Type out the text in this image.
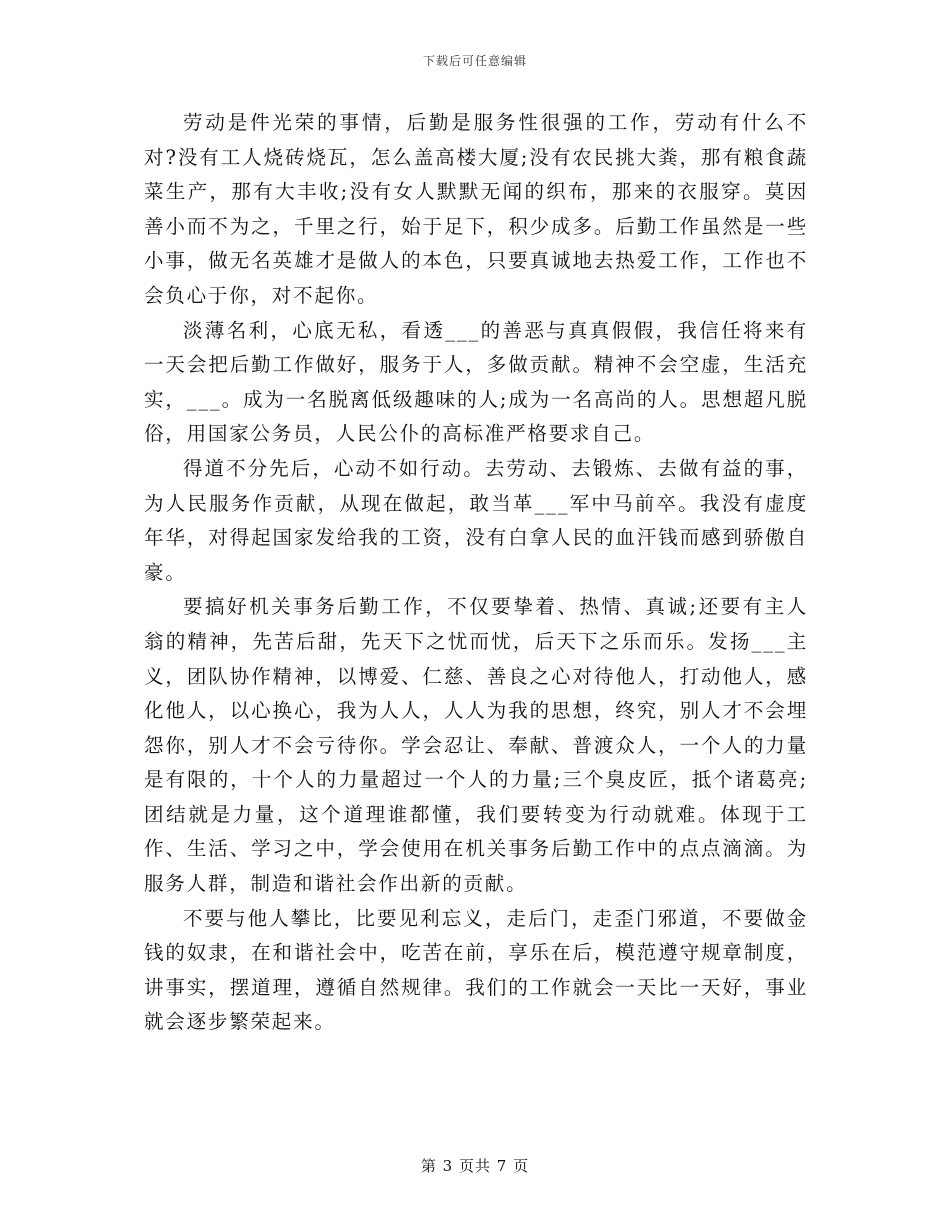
下载后可任意编辑

劳动是件光荣的事情，后勤是服务性很强的工作，劳动有什么不对?没有工人烧砖烧瓦，怎么盖高楼大厦;没有农民挑大粪，那有粮食蔬菜生产，那有大丰收;没有女人默默无闻的织布，那来的衣服穿。莫因善小而不为之，千里之行，始于足下，积少成多。后勤工作虽然是一些小事，做无名英雄才是做人的本色，只要真诚地去热爱工作，工作也不会负心于你，对不起你。

淡薄名利，心底无私，看透___的善恶与真真假假，我信任将来有一天会把后勤工作做好，服务于人，多做贡献。精神不会空虚，生活充实，___。成为一名脱离低级趣味的人;成为一名高尚的人。思想超凡脱俗，用国家公务员，人民公仆的高标准严格要求自己。

得道不分先后，心动不如行动。去劳动、去锻炼、去做有益的事，为人民服务作贡献，从现在做起，敢当革___军中马前卒。我没有虚度年华，对得起国家发给我的工资，没有白拿人民的血汗钱而感到骄傲自豪。

要搞好机关事务后勤工作，不仅要挚着、热情、真诚;还要有主人翁的精神，先苦后甜，先天下之忧而忧，后天下之乐而乐。发扬___主义，团队协作精神，以博爱、仁慈、善良之心对待他人，打动他人，感化他人，以心换心，我为人人，人人为我的思想，终究，别人才不会埋怨你，别人才不会亏待你。学会忍让、奉献、普渡众人，一个人的力量是有限的，十个人的力量超过一个人的力量;三个臭皮匠，抵个诸葛亮;团结就是力量，这个道理谁都懂，我们要转变为行动就难。体现于工作、生活、学习之中，学会使用在机关事务后勤工作中的点点滴滴。为服务人群，制造和谐社会作出新的贡献。

不要与他人攀比，比要见利忘义，走后门，走歪门邪道，不要做金钱的奴隶，在和谐社会中，吃苦在前，享乐在后，模范遵守规章制度，讲事实，摆道理，遵循自然规律。我们的工作就会一天比一天好，事业就会逐步繁荣起来。

第 3 页共 7 页
